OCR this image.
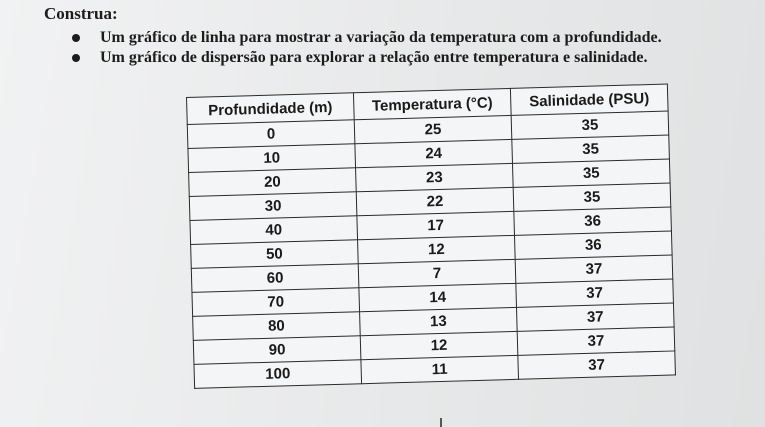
Construa:
Um gráfico de linha para mostrar a variação da temperatura com a profundidade.
Um gráfico de dispersão para explorar a relação entre temperatura e salinidade.
Profundidade (m)	Temperatura (°C)	Salinidade (PSU)
0	25	35
10	24	35
20	23	35
30	22	35
40	17	36
50	12	36
60	7	37
70	14	37
80	13	37
90	12	37
100	11	37
